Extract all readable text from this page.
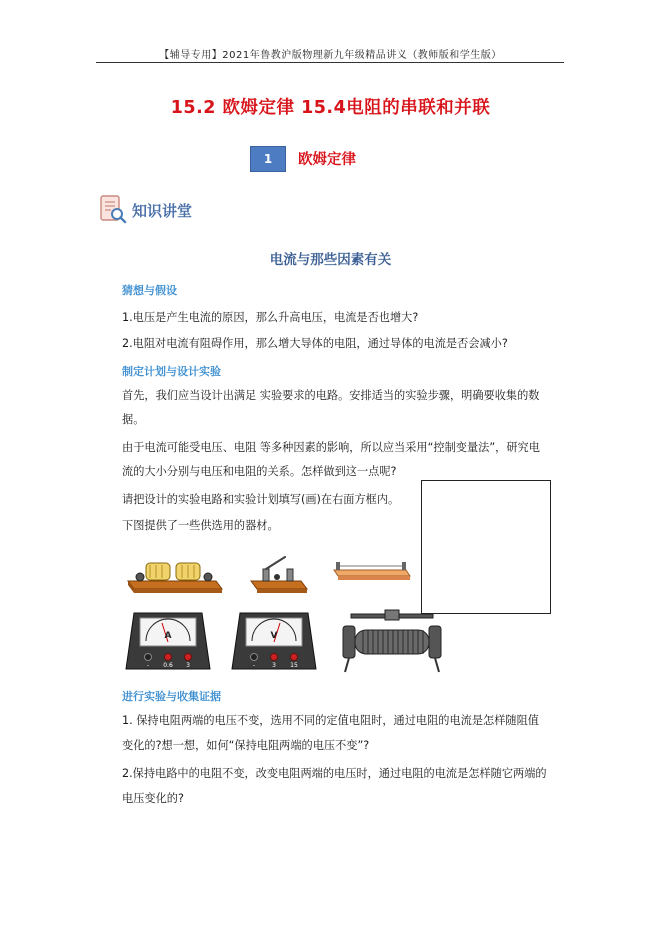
【辅导专用】2021年鲁教沪版物理新九年级精品讲义（教师版和学生版）
15.2 欧姆定律 15.4电阻的串联和并联
1	欧姆定律
知识讲堂
电流与那些因素有关
猜想与假设
1.电压是产生电流的原因，那么升高电压，电流是否也增大?
2.电阻对电流有阻碍作用，那么增大导体的电阻，通过导体的电流是否会减小?
制定计划与设计实验
首先，我们应当设计出满足 实验要求的电路。安排适当的实验步骤，明确要收集的数
据。
由于电流可能受电压、电阻 等多种因素的影响，所以应当采用“控制变量法”，研究电
流的大小分别与电压和电阻的关系。怎样做到这一点呢?
请把设计的实验电路和实验计划填写(画)在右面方框内。
下图提供了一些供选用的器材。
A
- 0.6 3
V
-	3 15
进行实验与收集证据
1. 保持电阻两端的电压不变，选用不同的定值电阻时，通过电阻的电流是怎样随阻值
变化的?想一想，如何“保持电阻两端的电压不变”?
2.保持电路中的电阻不变，改变电阻两端的电压时，通过电阻的电流是怎样随它两端的
电压变化的?
